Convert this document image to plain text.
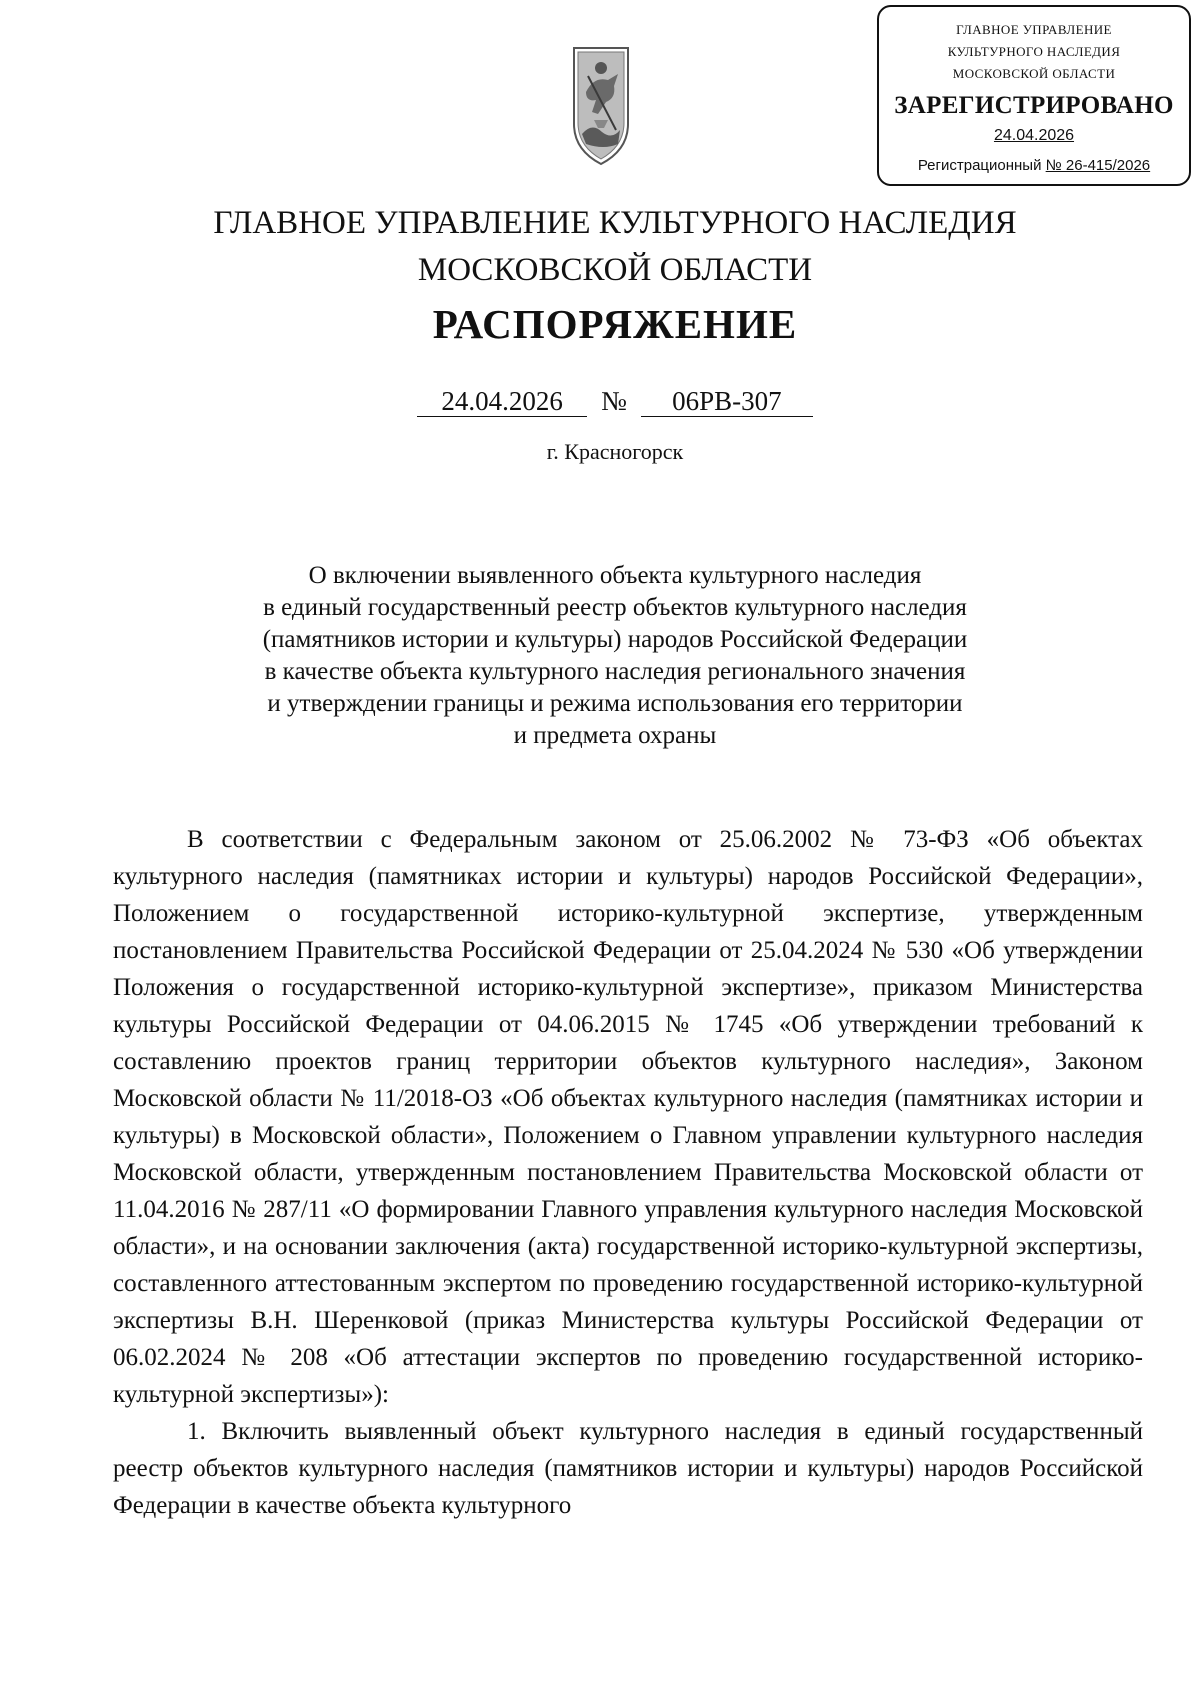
ГЛАВНОЕ УПРАВЛЕНИЕ
КУЛЬТУРНОГО НАСЛЕДИЯ
МОСКОВСКОЙ ОБЛАСТИ
ЗАРЕГИСТРИРОВАНО
24.04.2026
Регистрационный № 26-415/2026
ГЛАВНОЕ УПРАВЛЕНИЕ КУЛЬТУРНОГО НАСЛЕДИЯ
МОСКОВСКОЙ ОБЛАСТИ
РАСПОРЯЖЕНИЕ
24.04.2026 № 06РВ-307
г. Красногорск
О включении выявленного объекта культурного наследия
в единый государственный реестр объектов культурного наследия
(памятников истории и культуры) народов Российской Федерации
в качестве объекта культурного наследия регионального значения
и утверждении границы и режима использования его территории
и предмета охраны

В соответствии с Федеральным законом от 25.06.2002 № 73-ФЗ «Об объектах культурного наследия (памятниках истории и культуры) народов Российской Федерации», Положением о государственной историко-культурной экспертизе, утвержденным постановлением Правительства Российской Федерации от 25.04.2024 № 530 «Об утверждении Положения о государственной историко-культурной экспертизе», приказом Министерства культуры Российской Федерации от 04.06.2015 № 1745 «Об утверждении требований к составлению проектов границ территории объектов культурного наследия», Законом Московской области № 11/2018-ОЗ «Об объектах культурного наследия (памятниках истории и культуры) в Московской области», Положением о Главном управлении культурного наследия Московской области, утвержденным постановлением Правительства Московской области от 11.04.2016 № 287/11 «О формировании Главного управления культурного наследия Московской области», и на основании заключения (акта) государственной историко-культурной экспертизы, составленного аттестованным экспертом по проведению государственной историко-культурной экспертизы В.Н. Шеренковой (приказ Министерства культуры Российской Федерации от 06.02.2024 № 208 «Об аттестации экспертов по проведению государственной историко-культурной экспертизы»):

1. Включить выявленный объект культурного наследия в единый государственный реестр объектов культурного наследия (памятников истории и культуры) народов Российской Федерации в качестве объекта культурного
